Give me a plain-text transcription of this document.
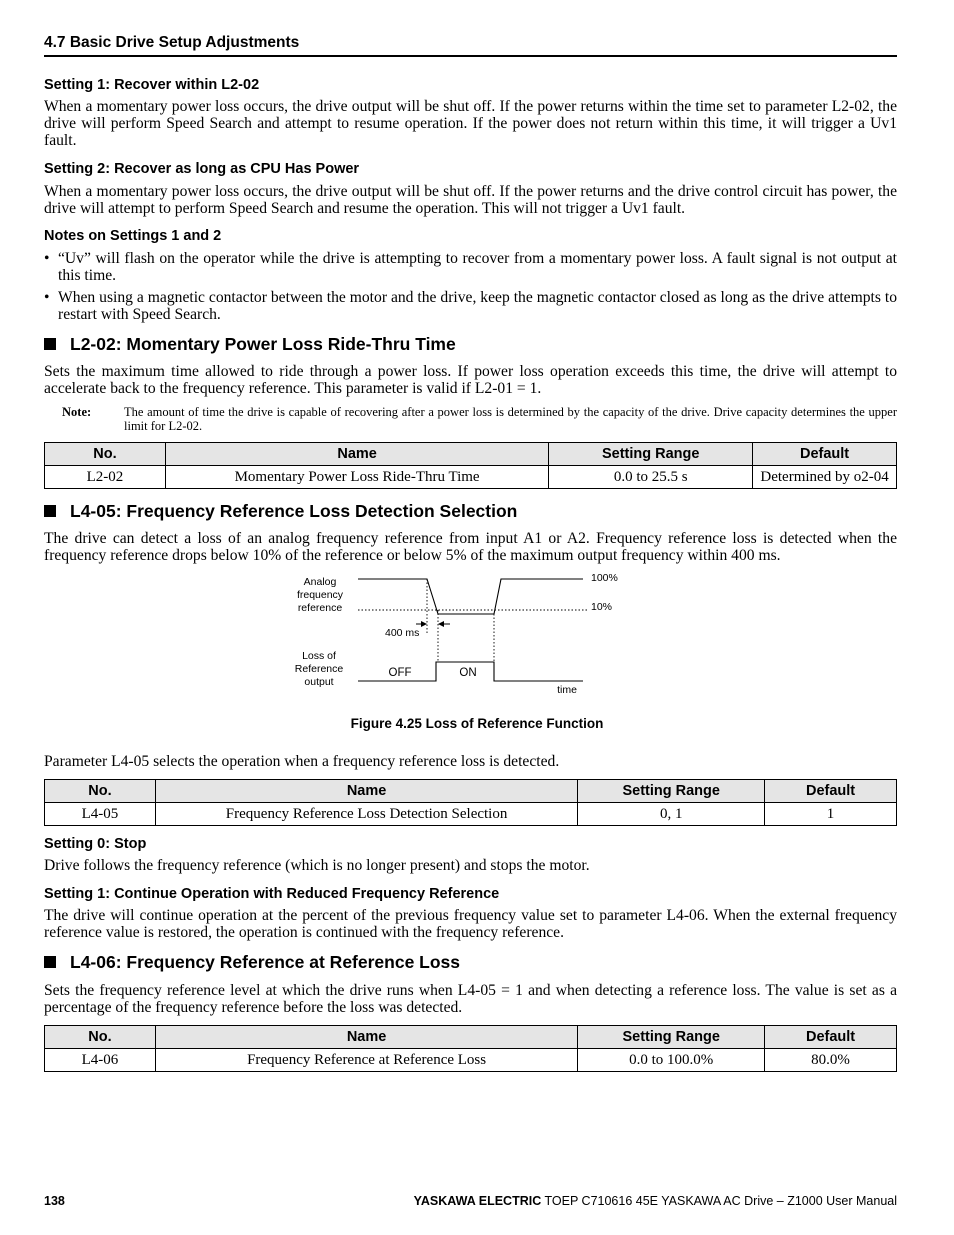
4.7 Basic Drive Setup Adjustments
Setting 1: Recover within L2-02
When a momentary power loss occurs, the drive output will be shut off. If the power returns within the time set to parameter L2-02, the drive will perform Speed Search and attempt to resume operation. If the power does not return within this time, it will trigger a Uv1 fault.
Setting 2: Recover as long as CPU Has Power
When a momentary power loss occurs, the drive output will be shut off. If the power returns and the drive control circuit has power, the drive will attempt to perform Speed Search and resume the operation. This will not trigger a Uv1 fault.
Notes on Settings 1 and 2
• “Uv” will flash on the operator while the drive is attempting to recover from a momentary power loss. A fault signal is not output at this time.
• When using a magnetic contactor between the motor and the drive, keep the magnetic contactor closed as long as the drive attempts to restart with Speed Search.
L2-02: Momentary Power Loss Ride-Thru Time
Sets the maximum time allowed to ride through a power loss. If power loss operation exceeds this time, the drive will attempt to accelerate back to the frequency reference. This parameter is valid if L2-01 = 1.
Note:	The amount of time the drive is capable of recovering after a power loss is determined by the capacity of the drive. Drive capacity determines the upper limit for L2-02.
No.	Name	Setting Range	Default
L2-02	Momentary Power Loss Ride-Thru Time	0.0 to 25.5 s	Determined by o2-04
L4-05: Frequency Reference Loss Detection Selection
The drive can detect a loss of an analog frequency reference from input A1 or A2. Frequency reference loss is detected when the frequency reference drops below 10% of the reference or below 5% of the maximum output frequency within 400 ms.
Analog
frequency
reference
Loss of
Reference
output
100%
10%
400 ms
time
OFF	ON
Figure 4.25 Loss of Reference Function
Parameter L4-05 selects the operation when a frequency reference loss is detected.
No.	Name	Setting Range	Default
L4-05	Frequency Reference Loss Detection Selection	0, 1	1
Setting 0: Stop
Drive follows the frequency reference (which is no longer present) and stops the motor.
Setting 1: Continue Operation with Reduced Frequency Reference
The drive will continue operation at the percent of the previous frequency value set to parameter L4-06. When the external frequency reference value is restored, the operation is continued with the frequency reference.
L4-06: Frequency Reference at Reference Loss
Sets the frequency reference level at which the drive runs when L4-05 = 1 and when detecting a reference loss. The value is set as a percentage of the frequency reference before the loss was detected.
No.	Name	Setting Range	Default
L4-06	Frequency Reference at Reference Loss	0.0 to 100.0%	80.0%
138	YASKAWA ELECTRIC TOEP C710616 45E YASKAWA AC Drive – Z1000 User Manual
